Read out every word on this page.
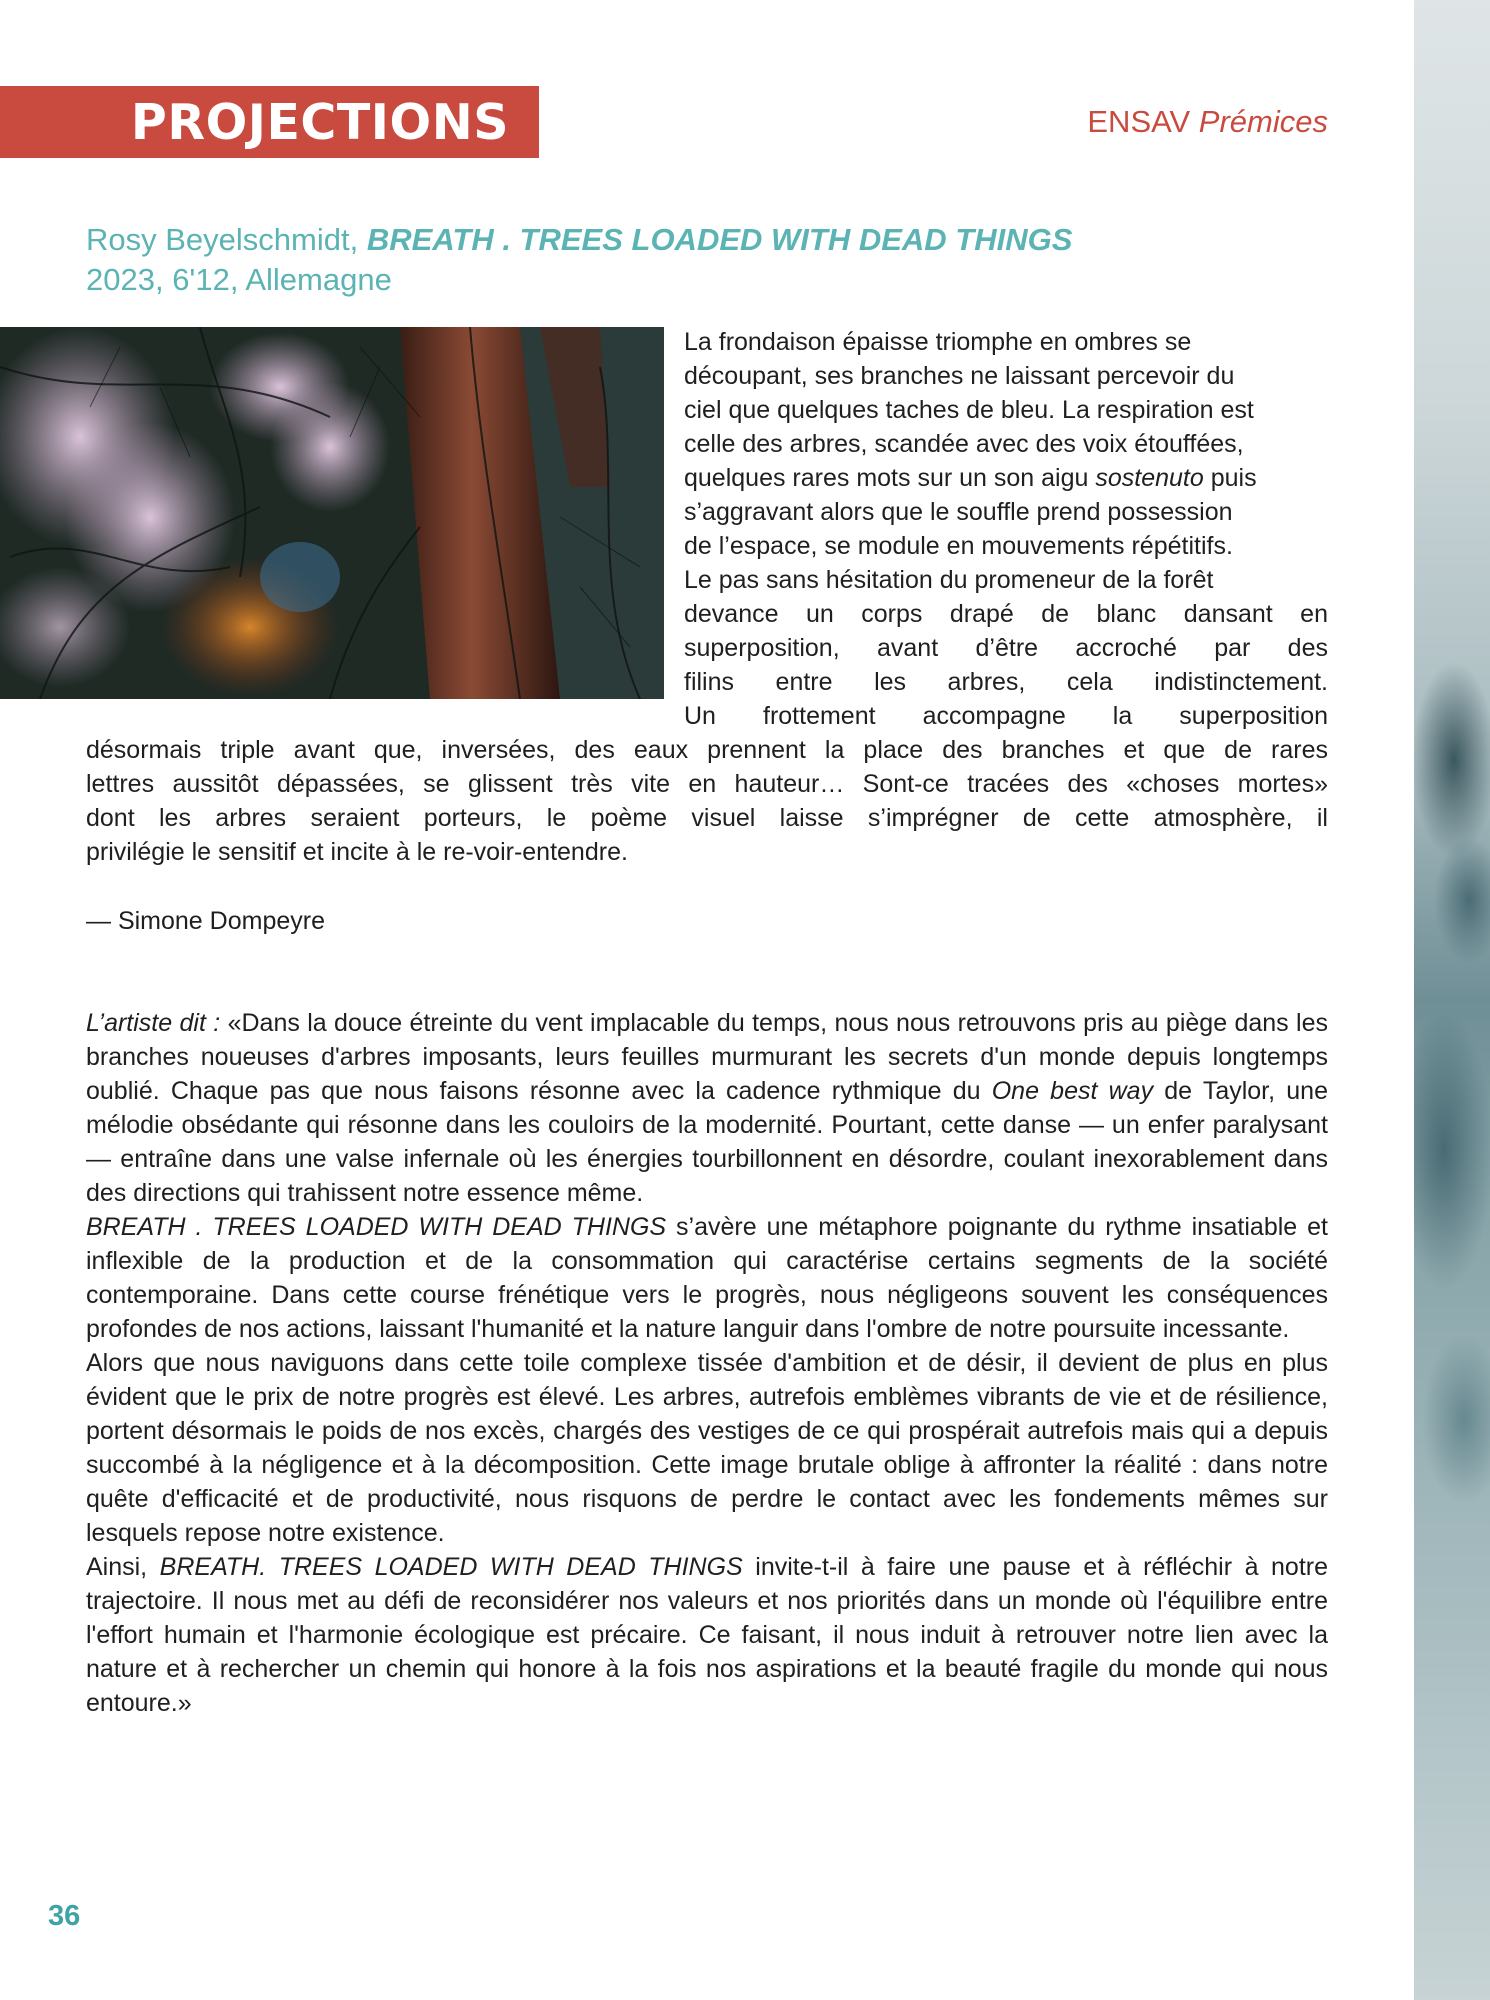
PROJECTIONS	ENSAV Prémices
Rosy Beyelschmidt, BREATH . TREES LOADED WITH DEAD THINGS
2023, 6'12, Allemagne
La frondaison épaisse triomphe en ombres se
découpant, ses branches ne laissant percevoir du
ciel que quelques taches de bleu. La respiration est
celle des arbres, scandée avec des voix étouffées,
quelques rares mots sur un son aigu sostenuto puis
s’aggravant alors que le souffle prend possession
de l’espace, se module en mouvements répétitifs.
Le pas sans hésitation du promeneur de la forêt
devance un corps drapé de blanc dansant en
superposition, avant d’être accroché par des
filins entre les arbres, cela indistinctement.
Un frottement accompagne la superposition
désormais triple avant que, inversées, des eaux prennent la place des branches et que de rares
lettres aussitôt dépassées, se glissent très vite en hauteur… Sont-ce tracées des «choses mortes»
dont les arbres seraient porteurs, le poème visuel laisse s’imprégner de cette atmosphère, il
privilégie le sensitif et incite à le re-voir-entendre.
— Simone Dompeyre

L’artiste dit : «Dans la douce étreinte du vent implacable du temps, nous nous retrouvons pris au piège dans les branches noueuses d'arbres imposants, leurs feuilles murmurant les secrets d'un monde depuis longtemps oublié. Chaque pas que nous faisons résonne avec la cadence rythmique du One best way de Taylor, une mélodie obsédante qui résonne dans les couloirs de la modernité. Pourtant, cette danse — un enfer paralysant — entraîne dans une valse infernale où les énergies tourbillonnent en désordre, coulant inexorablement dans des directions qui trahissent notre essence même.

BREATH . TREES LOADED WITH DEAD THINGS s’avère une métaphore poignante du rythme insatiable et inflexible de la production et de la consommation qui caractérise certains segments de la société contemporaine. Dans cette course frénétique vers le progrès, nous négligeons souvent les conséquences profondes de nos actions, laissant l'humanité et la nature languir dans l'ombre de notre poursuite incessante.

Alors que nous naviguons dans cette toile complexe tissée d'ambition et de désir, il devient de plus en plus évident que le prix de notre progrès est élevé. Les arbres, autrefois emblèmes vibrants de vie et de résilience, portent désormais le poids de nos excès, chargés des vestiges de ce qui prospérait autrefois mais qui a depuis succombé à la négligence et à la décomposition. Cette image brutale oblige à affronter la réalité : dans notre quête d'efficacité et de productivité, nous risquons de perdre le contact avec les fondements mêmes sur lesquels repose notre existence.

Ainsi, BREATH. TREES LOADED WITH DEAD THINGS invite-t-il à faire une pause et à réfléchir à notre trajectoire. Il nous met au défi de reconsidérer nos valeurs et nos priorités dans un monde où l'équilibre entre l'effort humain et l'harmonie écologique est précaire. Ce faisant, il nous induit à retrouver notre lien avec la nature et à rechercher un chemin qui honore à la fois nos aspirations et la beauté fragile du monde qui nous entoure.»

36
